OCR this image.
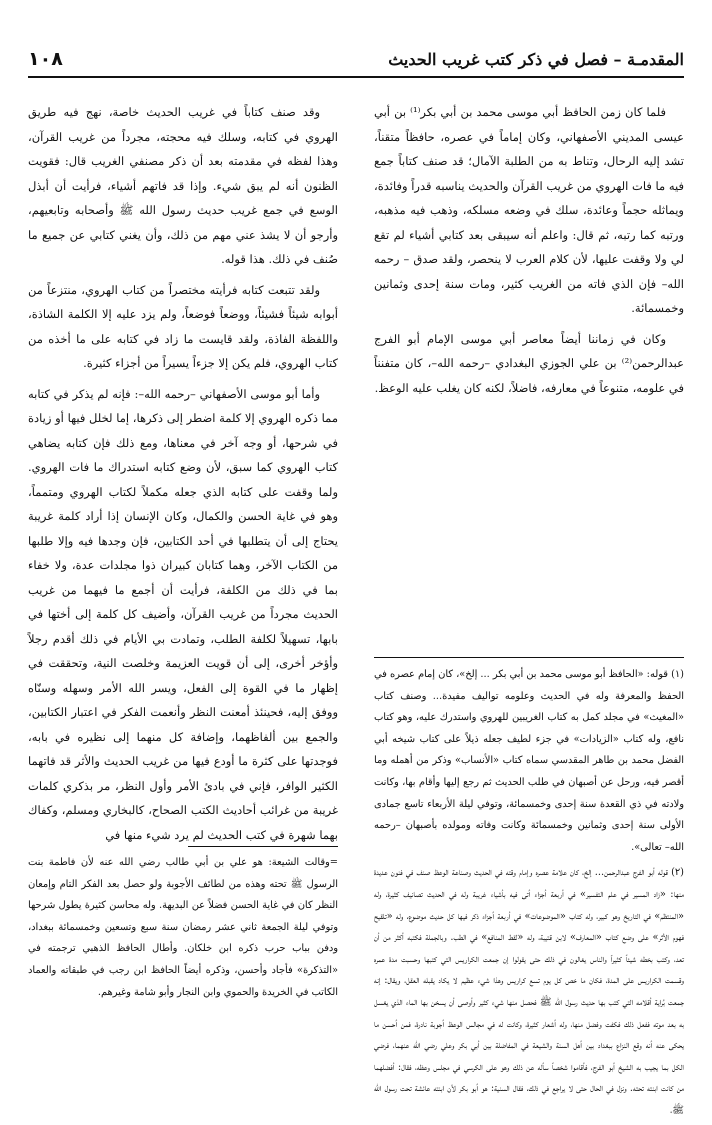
المقدمـة – فصل في ذكر كتب غريب الحديث
١٠٨

فلما كان زمن الحافظ أبي موسى محمد بن أبي بكر⁽¹⁾ بن أبي عيسى المديني الأصفهاني، وكان إماماً في عصره، حافظاً متقناً، تشد إليه الرحال، وتناط به من الطلبة الآمال؛ قد صنف كتاباً جمع فيه ما فات الهروي من غريب القرآن والحديث يناسبه قدراً وفائدة، ويماثله حجماً وعائدة، سلك في وضعه مسلكه، وذهب فيه مذهبه، ورتبه كما رتبه، ثم قال: واعلم أنه سيبقى بعد كتابي أشياء لم تقع لي ولا وقفت عليها، لأن كلام العرب لا ينحصر، ولقد صدق – رحمه الله– فإن الذي فاته من الغريب كثير، ومات سنة إحدى وثمانين وخمسمائة.

وكان في زماننا أيضاً معاصر أبي موسى الإمام أبو الفرج عبدالرحمن⁽²⁾ بن علي الجوزي البغدادي –رحمه الله–، كان متفنناً في علومه، متنوعاً في معارفه، فاضلاً، لكنه كان يغلب عليه الوعظ.

وقد صنف كتاباً في غريب الحديث خاصة، نهج فيه طريق الهروي في كتابه، وسلك فيه محجته، مجرداً من غريب القرآن، وهذا لفظه في مقدمته بعد أن ذكر مصنفي الغريب قال: فقويت الظنون أنه لم يبق شيء. وإذا قد فاتهم أشياء، فرأيت أن أبذل الوسع في جمع غريب حديث رسول الله ﷺ وأصحابه وتابعيهم، وأرجو أن لا يشذ عني مهم من ذلك، وأن يغني كتابي عن جميع ما صُنف في ذلك. هذا قوله.

ولقد تتبعت كتابه فرأيته مختصراً من كتاب الهروي، منتزعاً من أبوابه شيئاً فشيئاً، ووضعاً فوضعاً، ولم يزد عليه إلا الكلمة الشاذة، واللفظة الفاذة، ولقد قايست ما زاد في كتابه على ما أخذه من كتاب الهروي، فلم يكن إلا جزءاً يسيراً من أجزاء كثيرة.

وأما أبو موسى الأصفهاني –رحمه الله–: فإنه لم يذكر في كتابه مما ذكره الهروي إلا كلمة اضطر إلى ذكرها، إما لخلل فيها أو زيادة في شرحها، أو وجه آخر في معناها، ومع ذلك فإن كتابه يضاهي كتاب الهروي كما سبق، لأن وضع كتابه استدراك ما فات الهروي. ولما وقفت على كتابه الذي جعله مكملاً لكتاب الهروي ومتمماً، وهو في غاية الحسن والكمال، وكان الإنسان إذا أراد كلمة غريبة يحتاج إلى أن يتطلبها في أحد الكتابين، فإن وجدها فيه وإلا طلبها من الكتاب الآخر، وهما كتابان كبيران ذوا مجلدات عدة، ولا خفاء بما في ذلك من الكلفة، فرأيت أن أجمع ما فيهما من غريب الحديث مجرداً من غريب القرآن، وأضيف كل كلمة إلى أختها في بابها، تسهيلاً لكلفة الطلب، وتمادت بي الأيام في ذلك أقدم رجلاً وأؤخر أخرى، إلى أن قويت العزيمة وخلصت النية، وتحققت في إظهار ما في القوة إلى الفعل، ويسر الله الأمر وسهله وسنّاه ووفق إليه، فحينئذ أمعنت النظر وأنعمت الفكر في اعتبار الكتابين، والجمع بين ألفاظهما، وإضافة كل منهما إلى نظيره في بابه، فوجدتها على كثرة ما أودع فيها من غريب الحديث والأثر قد فاتهما الكثير الوافر، فإني في بادئ الأمر وأول النظر، مر بذكري كلمات غريبة من غرائب أحاديث الكتب الصحاح، كالبخاري ومسلم، وكفاك بهما شهرة في كتب الحديث لم يرد شيء منها في

(١) قوله: «الحافظ أبو موسى محمد بن أبي بكر ... إلخ»، كان إمام عصره في الحفظ والمعرفة وله في الحديث وعلومه تواليف مفيدة... وصنف كتاب «المغيث» في مجلد كمل به كتاب الغريبين للهروي واستدرك عليه، وهو كتاب نافع، وله كتاب «الزيادات» في جزء لطيف جعله ذيلاً على كتاب شيخه أبي الفضل محمد بن طاهر المقدسي سماه كتاب «الأنساب» وذكر من أهمله وما أقصر فيه، ورحل عن أصبهان في طلب الحديث ثم رجع إليها وأقام بها، وكانت ولادته في ذي القعدة سنة إحدى وخمسمائة، وتوفي ليلة الأربعاء تاسع جمادى الأولى سنة إحدى وثمانين وخمسمائة وكانت وفاته ومولده بأصبهان –رحمه الله– تعالى».

(٢) قوله أبو الفرج عبدالرحمن... إلخ، كان علامة عصره وإمام وقته في الحديث وصناعة الوعظ صنف في فنون عديدة منها: «زاد المسير في علم التفسير» في أربعة أجزاء أتى فيه بأشياء غريبة وله في الحديث تصانيف كثيرة، وله «المنتظم» في التاريخ وهو كبير، وله كتاب «الموضوعات» في أربعة أجزاء ذكر فيها كل حديث موضوع، وله «تلقيح فهوم الأثر» على وضع كتاب «المعارف» لابن قتيبة، وله «لقط المنافع» في الطب. وبالجملة فكتبه أكثر من أن تعد، وكتب بخطه شيئاً كثيراً والناس يغالون في ذلك حتى يقولوا إن جمعت الكراريس التي كتبها وحسبت مدة عمره وقسمت الكراريس على المدة، فكان ما خص كل يوم تسع كراريس وهذا شيء عظيم لا يكاد يقبله العقل، ويقال: إنه جمعت بُراية أقلامه التي كتب بها حديث رسول الله ﷺ فحصل منها شيء كثير وأوصى أن يسخن بها الماء الذي يغسل به بعد موته ففعل ذلك فكفت وفضل منها، وله أشعار كثيرة، وكانت له في مجالس الوعظ أجوبة نادرة، فمن أحسن ما يحكى عنه أنه وقع النزاع ببغداد بين أهل السنة والشيعة في المفاضلة بين أبي بكر وعلي رضي الله عنهما، فرضي الكل بما يجيب به الشيخ أبو الفرج، فأقاموا شخصاً سأله عن ذلك وهو على الكرسي في مجلس وعظه، فقال: أفضلهما من كانت ابنته تحته. ونزل في الحال حتى لا يراجع في ذلك، فقال السنية: هو أبو بكر لأن ابنته عائشة تحت رسول الله ﷺ،

=وقالت الشيعة: هو علي بن أبي طالب رضي الله عنه لأن فاطمة بنت الرسول ﷺ تحته وهذه من لطائف الأجوبة ولو حصل بعد الفكر التام وإمعان النظر كان في غاية الحسن فضلاً عن البديهة. وله محاسن كثيرة يطول شرحها وتوفي ليلة الجمعة ثاني عشر رمضان سنة سبع وتسعين وخمسمائة ببغداد، ودفن بباب حرب ذكره ابن خلكان. وأطال الحافظ الذهبي ترجمته في «التذكرة» فأجاد وأحسن، وذكره أيضاً الحافظ ابن رجب في طبقاته والعماد الكاتب في الخريدة والحموي وابن النجار وأبو شامة وغيرهم.
